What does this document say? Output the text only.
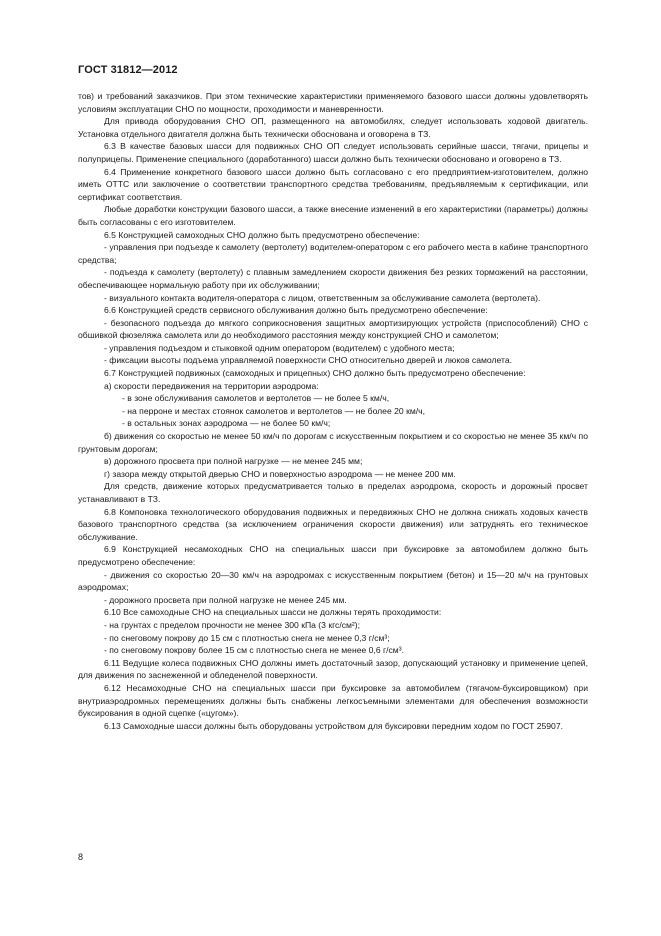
ГОСТ 31812—2012

тов) и требований заказчиков. При этом технические характеристики применяемого базового шасси должны удовлетворять условиям эксплуатации СНО по мощности, проходимости и маневренности.

Для привода оборудования СНО ОП, размещенного на автомобилях, следует использовать ходовой двигатель. Установка отдельного двигателя должна быть технически обоснована и оговорена в ТЗ.

6.3 В качестве базовых шасси для подвижных СНО ОП следует использовать серийные шасси, тягачи, прицепы и полуприцепы. Применение специального (доработанного) шасси должно быть технически обосновано и оговорено в ТЗ.

6.4 Применение конкретного базового шасси должно быть согласовано с его предприятием-изготовителем, должно иметь ОТТС или заключение о соответствии транспортного средства требованиям, предъявляемым к сертификации, или сертификат соответствия.

Любые доработки конструкции базового шасси, а также внесение изменений в его характеристики (параметры) должны быть согласованы с его изготовителем.

6.5 Конструкцией самоходных СНО должно быть предусмотрено обеспечение:

- управления при подъезде к самолету (вертолету) водителем-оператором с его рабочего места в кабине транспортного средства;

- подъезда к самолету (вертолету) с плавным замедлением скорости движения без резких торможений на расстоянии, обеспечивающее нормальную работу при их обслуживании;

- визуального контакта водителя-оператора с лицом, ответственным за обслуживание самолета (вертолета).

6.6 Конструкцией средств сервисного обслуживания должно быть предусмотрено обеспечение:

- безопасного подъезда до мягкого соприкосновения защитных амортизирующих устройств (приспособлений) СНО с обшивкой фюзеляжа самолета или до необходимого расстояния между конструкцией СНО и самолетом;

- управления подъездом и стыковкой одним оператором (водителем) с удобного места;

- фиксации высоты подъема управляемой поверхности СНО относительно дверей и люков самолета.

6.7 Конструкцией подвижных (самоходных и прицепных) СНО должно быть предусмотрено обеспечение:

а) скорости передвижения на территории аэродрома:

- в зоне обслуживания самолетов и вертолетов — не более 5 км/ч,

- на перроне и местах стоянок самолетов и вертолетов — не более 20 км/ч,

- в остальных зонах аэродрома — не более 50 км/ч;

б) движения со скоростью не менее 50 км/ч по дорогам с искусственным покрытием и со скоростью не менее 35 км/ч по грунтовым дорогам;

в) дорожного просвета при полной нагрузке — не менее 245 мм;

г) зазора между открытой дверью СНО и поверхностью аэродрома — не менее 200 мм.

Для средств, движение которых предусматривается только в пределах аэродрома, скорость и дорожный просвет устанавливают в ТЗ.

6.8 Компоновка технологического оборудования подвижных и передвижных СНО не должна снижать ходовых качеств базового транспортного средства (за исключением ограничения скорости движения) или затруднять его техническое обслуживание.

6.9 Конструкцией несамоходных СНО на специальных шасси при буксировке за автомобилем должно быть предусмотрено обеспечение:

- движения со скоростью 20—30 км/ч на аэродромах с искусственным покрытием (бетон) и 15—20 м/ч на грунтовых аэродромах;

- дорожного просвета при полной нагрузке не менее 245 мм.

6.10 Все самоходные СНО на специальных шасси не должны терять проходимости:

- на грунтах с пределом прочности не менее 300 кПа (3 кгс/см²);

- по снеговому покрову до 15 см с плотностью снега не менее 0,3 г/см³;

- по снеговому покрову более 15 см с плотностью снега не менее 0,6 г/см³.

6.11 Ведущие колеса подвижных СНО должны иметь достаточный зазор, допускающий установку и применение цепей, для движения по заснеженной и обледенелой поверхности.

6.12 Несамоходные СНО на специальных шасси при буксировке за автомобилем (тягачом-буксировщиком) при внутриаэродромных перемещениях должны быть снабжены легкосъемными элементами для обеспечения возможности буксирования в одной сцепке («цугом»).

6.13 Самоходные шасси должны быть оборудованы устройством для буксировки передним ходом по ГОСТ 25907.

8
